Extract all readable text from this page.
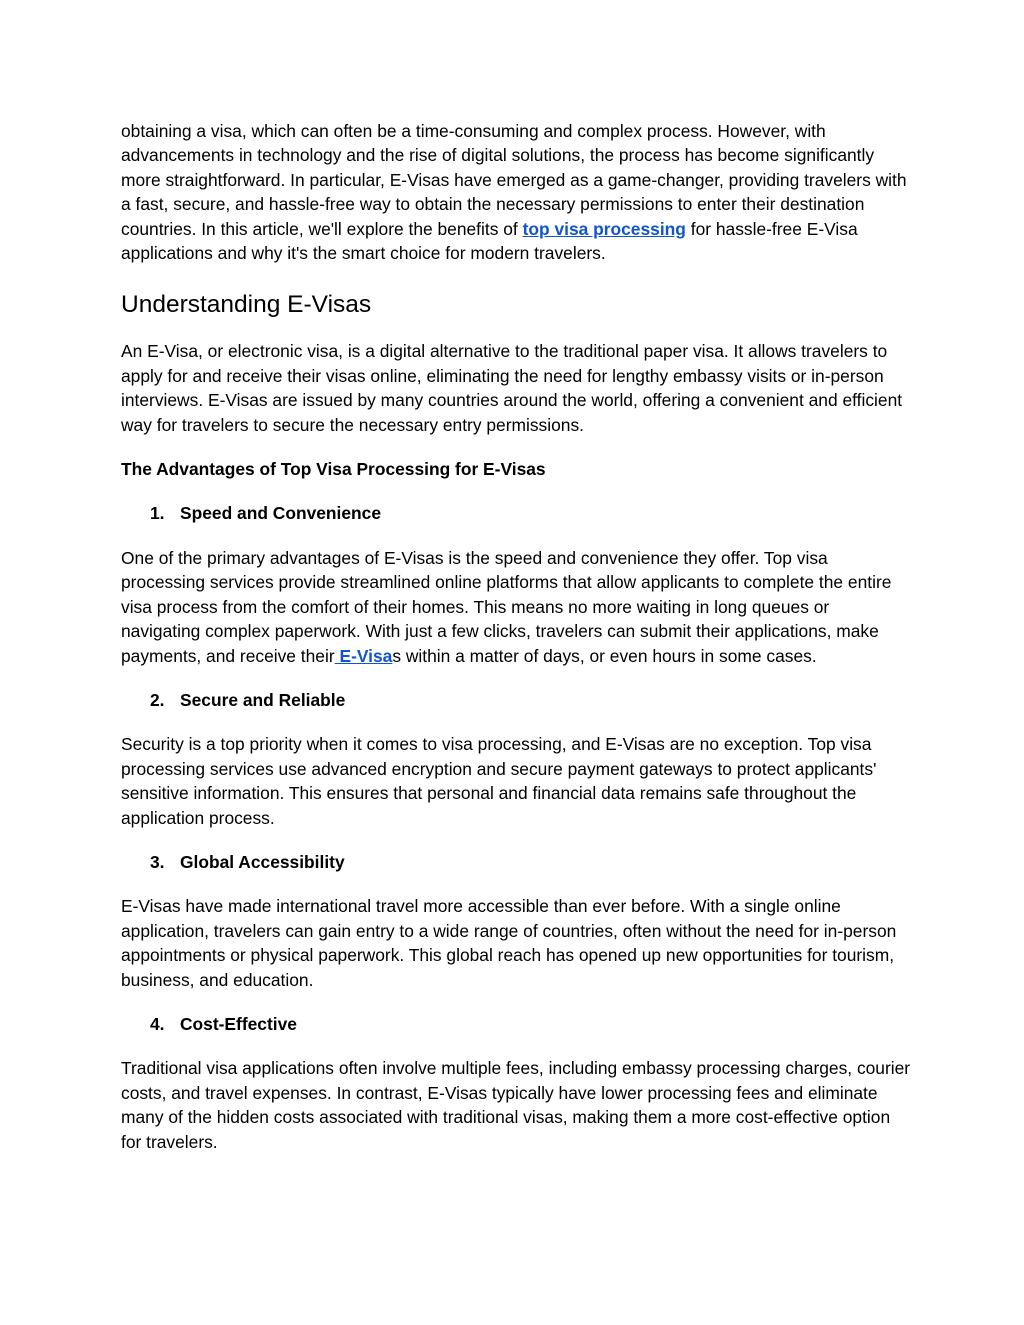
obtaining a visa, which can often be a time-consuming and complex process. However, with advancements in technology and the rise of digital solutions, the process has become significantly more straightforward. In particular, E-Visas have emerged as a game-changer, providing travelers with a fast, secure, and hassle-free way to obtain the necessary permissions to enter their destination countries. In this article, we'll explore the benefits of top visa processing for hassle-free E-Visa applications and why it's the smart choice for modern travelers.

Understanding E-Visas

An E-Visa, or electronic visa, is a digital alternative to the traditional paper visa. It allows travelers to apply for and receive their visas online, eliminating the need for lengthy embassy visits or in-person interviews. E-Visas are issued by many countries around the world, offering a convenient and efficient way for travelers to secure the necessary entry permissions.

The Advantages of Top Visa Processing for E-Visas

1. Speed and Convenience

One of the primary advantages of E-Visas is the speed and convenience they offer. Top visa processing services provide streamlined online platforms that allow applicants to complete the entire visa process from the comfort of their homes. This means no more waiting in long queues or navigating complex paperwork. With just a few clicks, travelers can submit their applications, make payments, and receive their E-Visas within a matter of days, or even hours in some cases.

2. Secure and Reliable

Security is a top priority when it comes to visa processing, and E-Visas are no exception. Top visa processing services use advanced encryption and secure payment gateways to protect applicants' sensitive information. This ensures that personal and financial data remains safe throughout the application process.

3. Global Accessibility

E-Visas have made international travel more accessible than ever before. With a single online application, travelers can gain entry to a wide range of countries, often without the need for in-person appointments or physical paperwork. This global reach has opened up new opportunities for tourism, business, and education.

4. Cost-Effective

Traditional visa applications often involve multiple fees, including embassy processing charges, courier costs, and travel expenses. In contrast, E-Visas typically have lower processing fees and eliminate many of the hidden costs associated with traditional visas, making them a more cost-effective option for travelers.
